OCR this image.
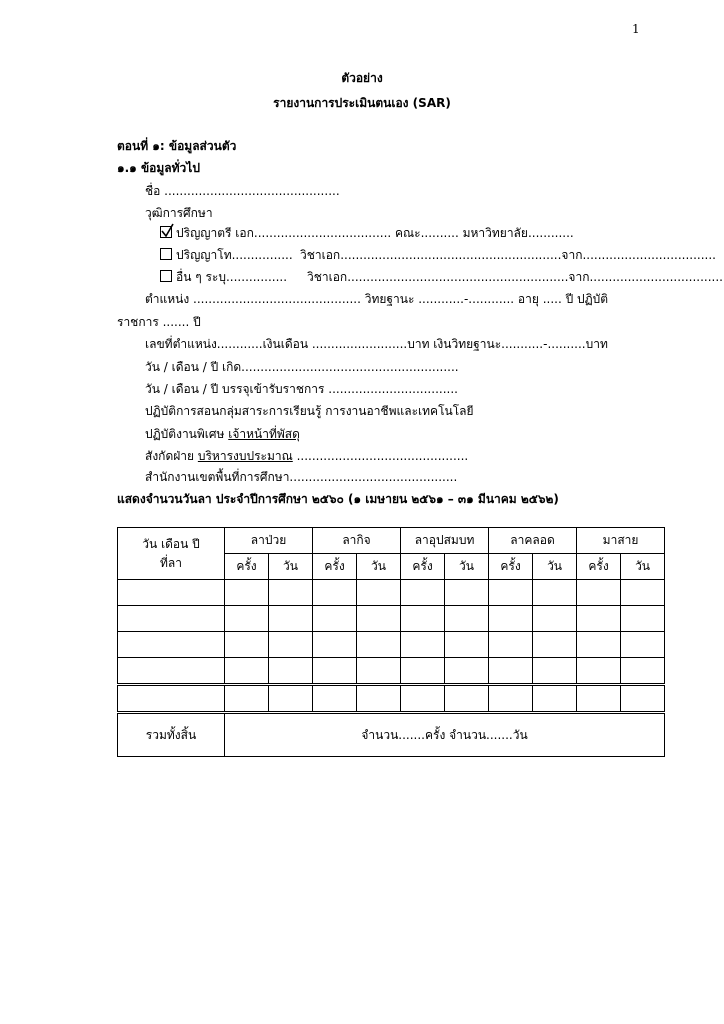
1
ตัวอย่าง
รายงานการประเมินตนเอง (SAR)
ตอนที่ ๑: ข้อมูลส่วนตัว
๑.๑ ข้อมูลทั่วไป
ชื่อ ..............................................
วุฒิการศึกษา
ปริญญาตรี เอก.................................... คณะ.......... มหาวิทยาลัย............
ปริญญาโท................ วิชาเอก..........................................................จาก...................................
อื่น ๆ ระบุ................ วิชาเอก..........................................................จาก...................................
ตำแหน่ง ............................................ วิทยฐานะ ............-............ อายุ ..... ปี ปฏิบัติ
ราชการ ....... ปี
เลขที่ตำแหน่ง............เงินเดือน .........................บาท เงินวิทยฐานะ...........-..........บาท
วัน / เดือน / ปี เกิด.........................................................
วัน / เดือน / ปี บรรจุเข้ารับราชการ ..................................
ปฏิบัติการสอนกลุ่มสาระการเรียนรู้ การงานอาชีพและเทคโนโลยี
ปฏิบัติงานพิเศษ เจ้าหน้าที่พัสดุ
สังกัดฝ่าย บริหารงบประมาณ .............................................
สำนักงานเขตพื้นที่การศึกษา............................................
แสดงจำนวนวันลา ประจำปีการศึกษา ๒๕๖๐ (๑ เมษายน ๒๕๖๑ – ๓๑ มีนาคม ๒๕๖๒)
วัน เดือน ปี
ที่ลา	ลาป่วย		ลากิจ		ลาอุปสมบท		ลาคลอด		มาสาย	
	ครั้ง	วัน	ครั้ง	วัน	ครั้ง	วัน	ครั้ง	วัน	ครั้ง	วัน

รวมทั้งสิ้น	จำนวน.......ครั้ง จำนวน.......วัน									
